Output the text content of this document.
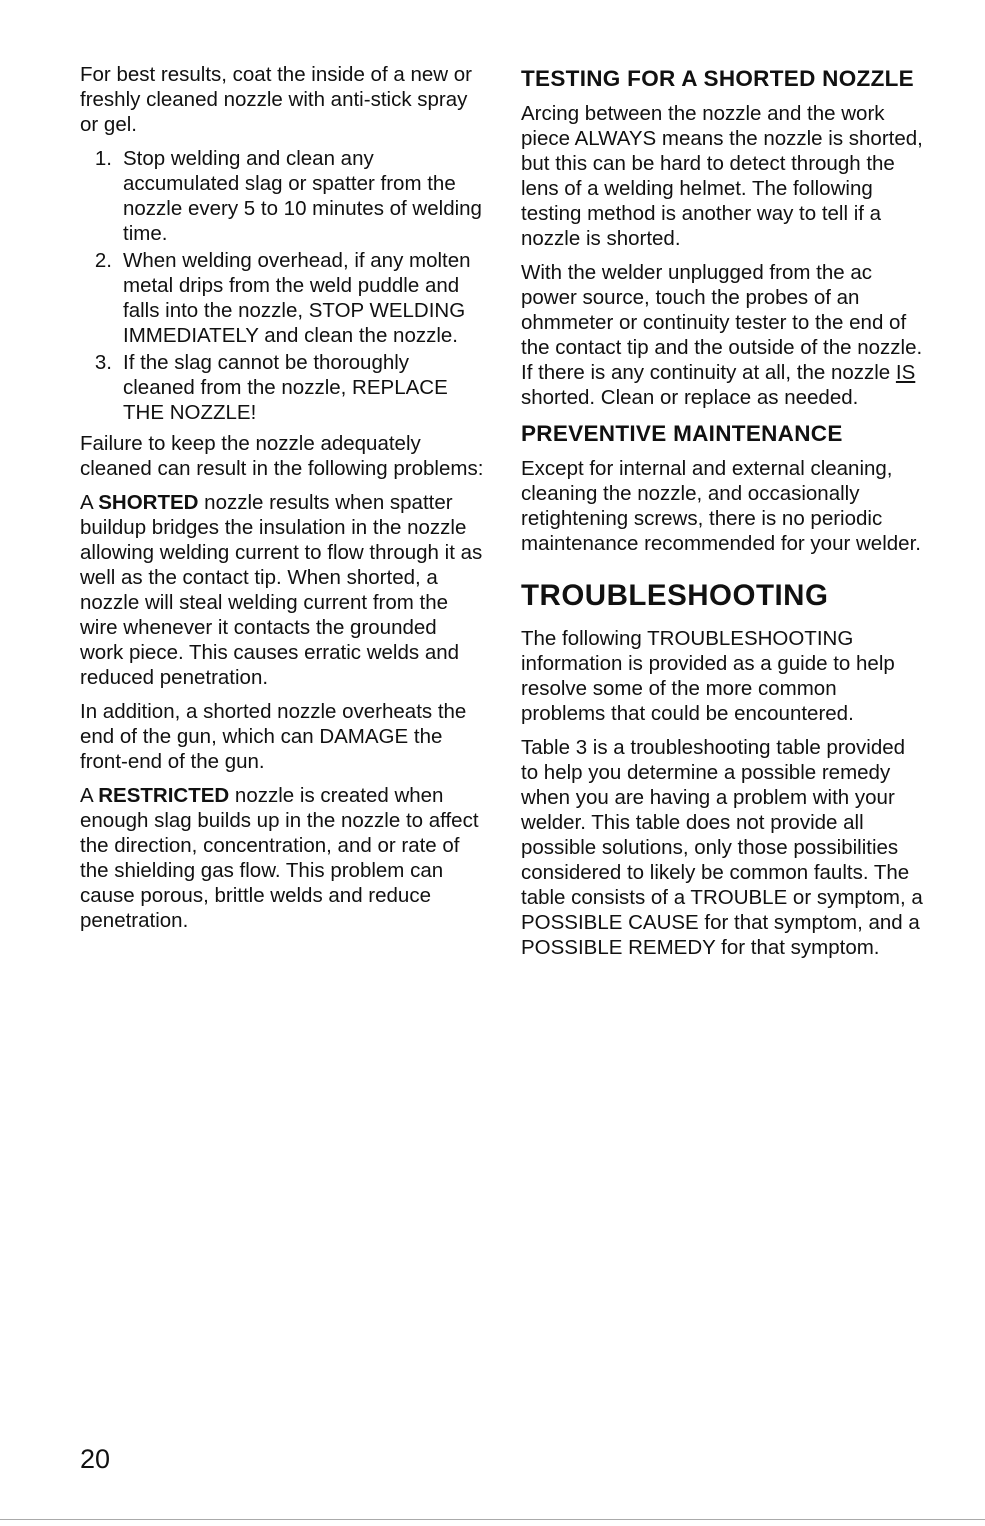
For best results, coat the inside of a new or freshly cleaned nozzle with anti-stick spray or gel.

1. Stop welding and clean any accumulated slag or spatter from the nozzle every 5 to 10 minutes of welding time.
2. When welding overhead, if any molten metal drips from the weld puddle and falls into the nozzle, STOP WELDING IMMEDIATELY and clean the nozzle.
3. If the slag cannot be thoroughly cleaned from the nozzle, REPLACE THE NOZZLE!

Failure to keep the nozzle adequately cleaned can result in the following problems:

A SHORTED nozzle results when spatter buildup bridges the insulation in the nozzle allowing welding current to flow through it as well as the contact tip. When shorted, a nozzle will steal welding current from the wire whenever it contacts the grounded work piece. This causes erratic welds and reduced penetration.

In addition, a shorted nozzle overheats the end of the gun, which can DAMAGE the front-end of the gun.

A RESTRICTED nozzle is created when enough slag builds up in the nozzle to affect the direction, concentration, and or rate of the shielding gas flow. This problem can cause porous, brittle welds and reduce penetration.

TESTING FOR A SHORTED NOZZLE

Arcing between the nozzle and the work piece ALWAYS means the nozzle is shorted, but this can be hard to detect through the lens of a welding helmet. The following testing method is another way to tell if a nozzle is shorted.

With the welder unplugged from the ac power source, touch the probes of an ohmmeter or continuity tester to the end of the contact tip and the outside of the nozzle. If there is any continuity at all, the nozzle IS shorted. Clean or replace as needed.

PREVENTIVE MAINTENANCE

Except for internal and external cleaning, cleaning the nozzle, and occasionally retightening screws, there is no periodic maintenance recommended for your welder.

TROUBLESHOOTING

The following TROUBLESHOOTING information is provided as a guide to help resolve some of the more common problems that could be encountered.

Table 3 is a troubleshooting table provided to help you determine a possible remedy when you are having a problem with your welder. This table does not provide all possible solutions, only those possibilities considered to likely be common faults. The table consists of a TROUBLE or symptom, a POSSIBLE CAUSE for that symptom, and a POSSIBLE REMEDY for that symptom.

20
